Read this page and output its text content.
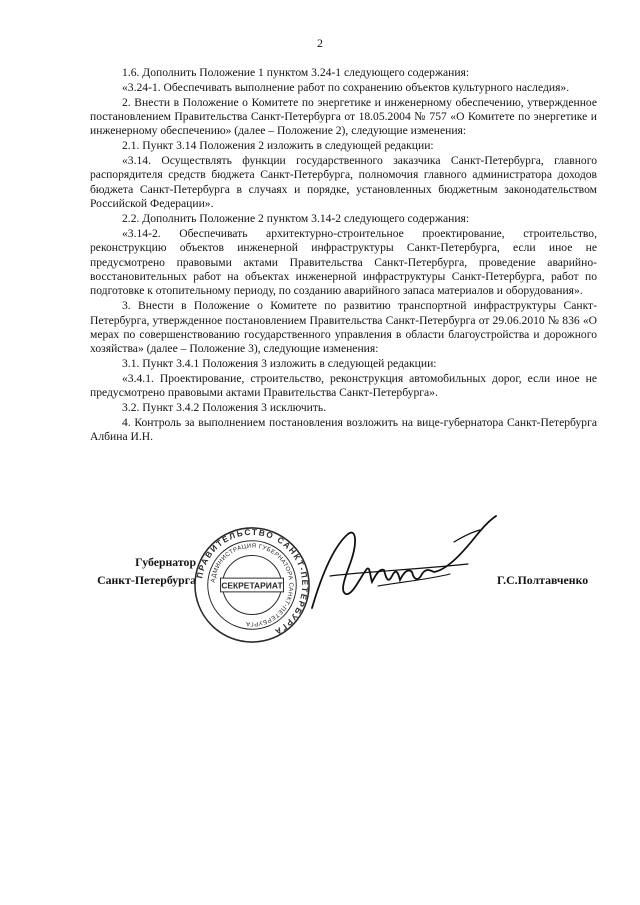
2

1.6. Дополнить Положение 1 пунктом 3.24-1 следующего содержания:

«3.24-1. Обеспечивать выполнение работ по сохранению объектов культурного наследия».

2. Внести в Положение о Комитете по энергетике и инженерному обеспечению, утвержденное постановлением Правительства Санкт-Петербурга от 18.05.2004 № 757 «О Комитете по энергетике и инженерному обеспечению» (далее – Положение 2), следующие изменения:

2.1. Пункт 3.14 Положения 2 изложить в следующей редакции:

«3.14. Осуществлять функции государственного заказчика Санкт-Петербурга, главного распорядителя средств бюджета Санкт-Петербурга, полномочия главного администратора доходов бюджета Санкт-Петербурга в случаях и порядке, установленных бюджетным законодательством Российской Федерации».

2.2. Дополнить Положение 2 пунктом 3.14-2 следующего содержания:

«3.14-2. Обеспечивать архитектурно-строительное проектирование, строительство, реконструкцию объектов инженерной инфраструктуры Санкт-Петербурга, если иное не предусмотрено правовыми актами Правительства Санкт-Петербурга, проведение аварийно-восстановительных работ на объектах инженерной инфраструктуры Санкт-Петербурга, работ по подготовке к отопительному периоду, по созданию аварийного запаса материалов и оборудования».

3. Внести в Положение о Комитете по развитию транспортной инфраструктуры Санкт-Петербурга, утвержденное постановлением Правительства Санкт-Петербурга от 29.06.2010 № 836 «О мерах по совершенствованию государственного управления в области благоустройства и дорожного хозяйства» (далее – Положение 3), следующие изменения:

3.1. Пункт 3.4.1 Положения 3 изложить в следующей редакции:

«3.4.1. Проектирование, строительство, реконструкция автомобильных дорог, если иное не предусмотрено правовыми актами Правительства Санкт-Петербурга».

3.2. Пункт 3.4.2 Положения 3 исключить.

4. Контроль за выполнением постановления возложить на вице-губернатора Санкт-Петербурга Албина И.Н.

Губернатор
Санкт-Петербурга	Г.С.Полтавченко
ПРАВИТЕЛЬСТВО САНКТ-ПЕТЕРБУРГА
АДМИНИСТРАЦИЯ ГУБЕРНАТОРА САНКТ-ПЕТЕРБУРГА
СЕКРЕТАРИАТ
